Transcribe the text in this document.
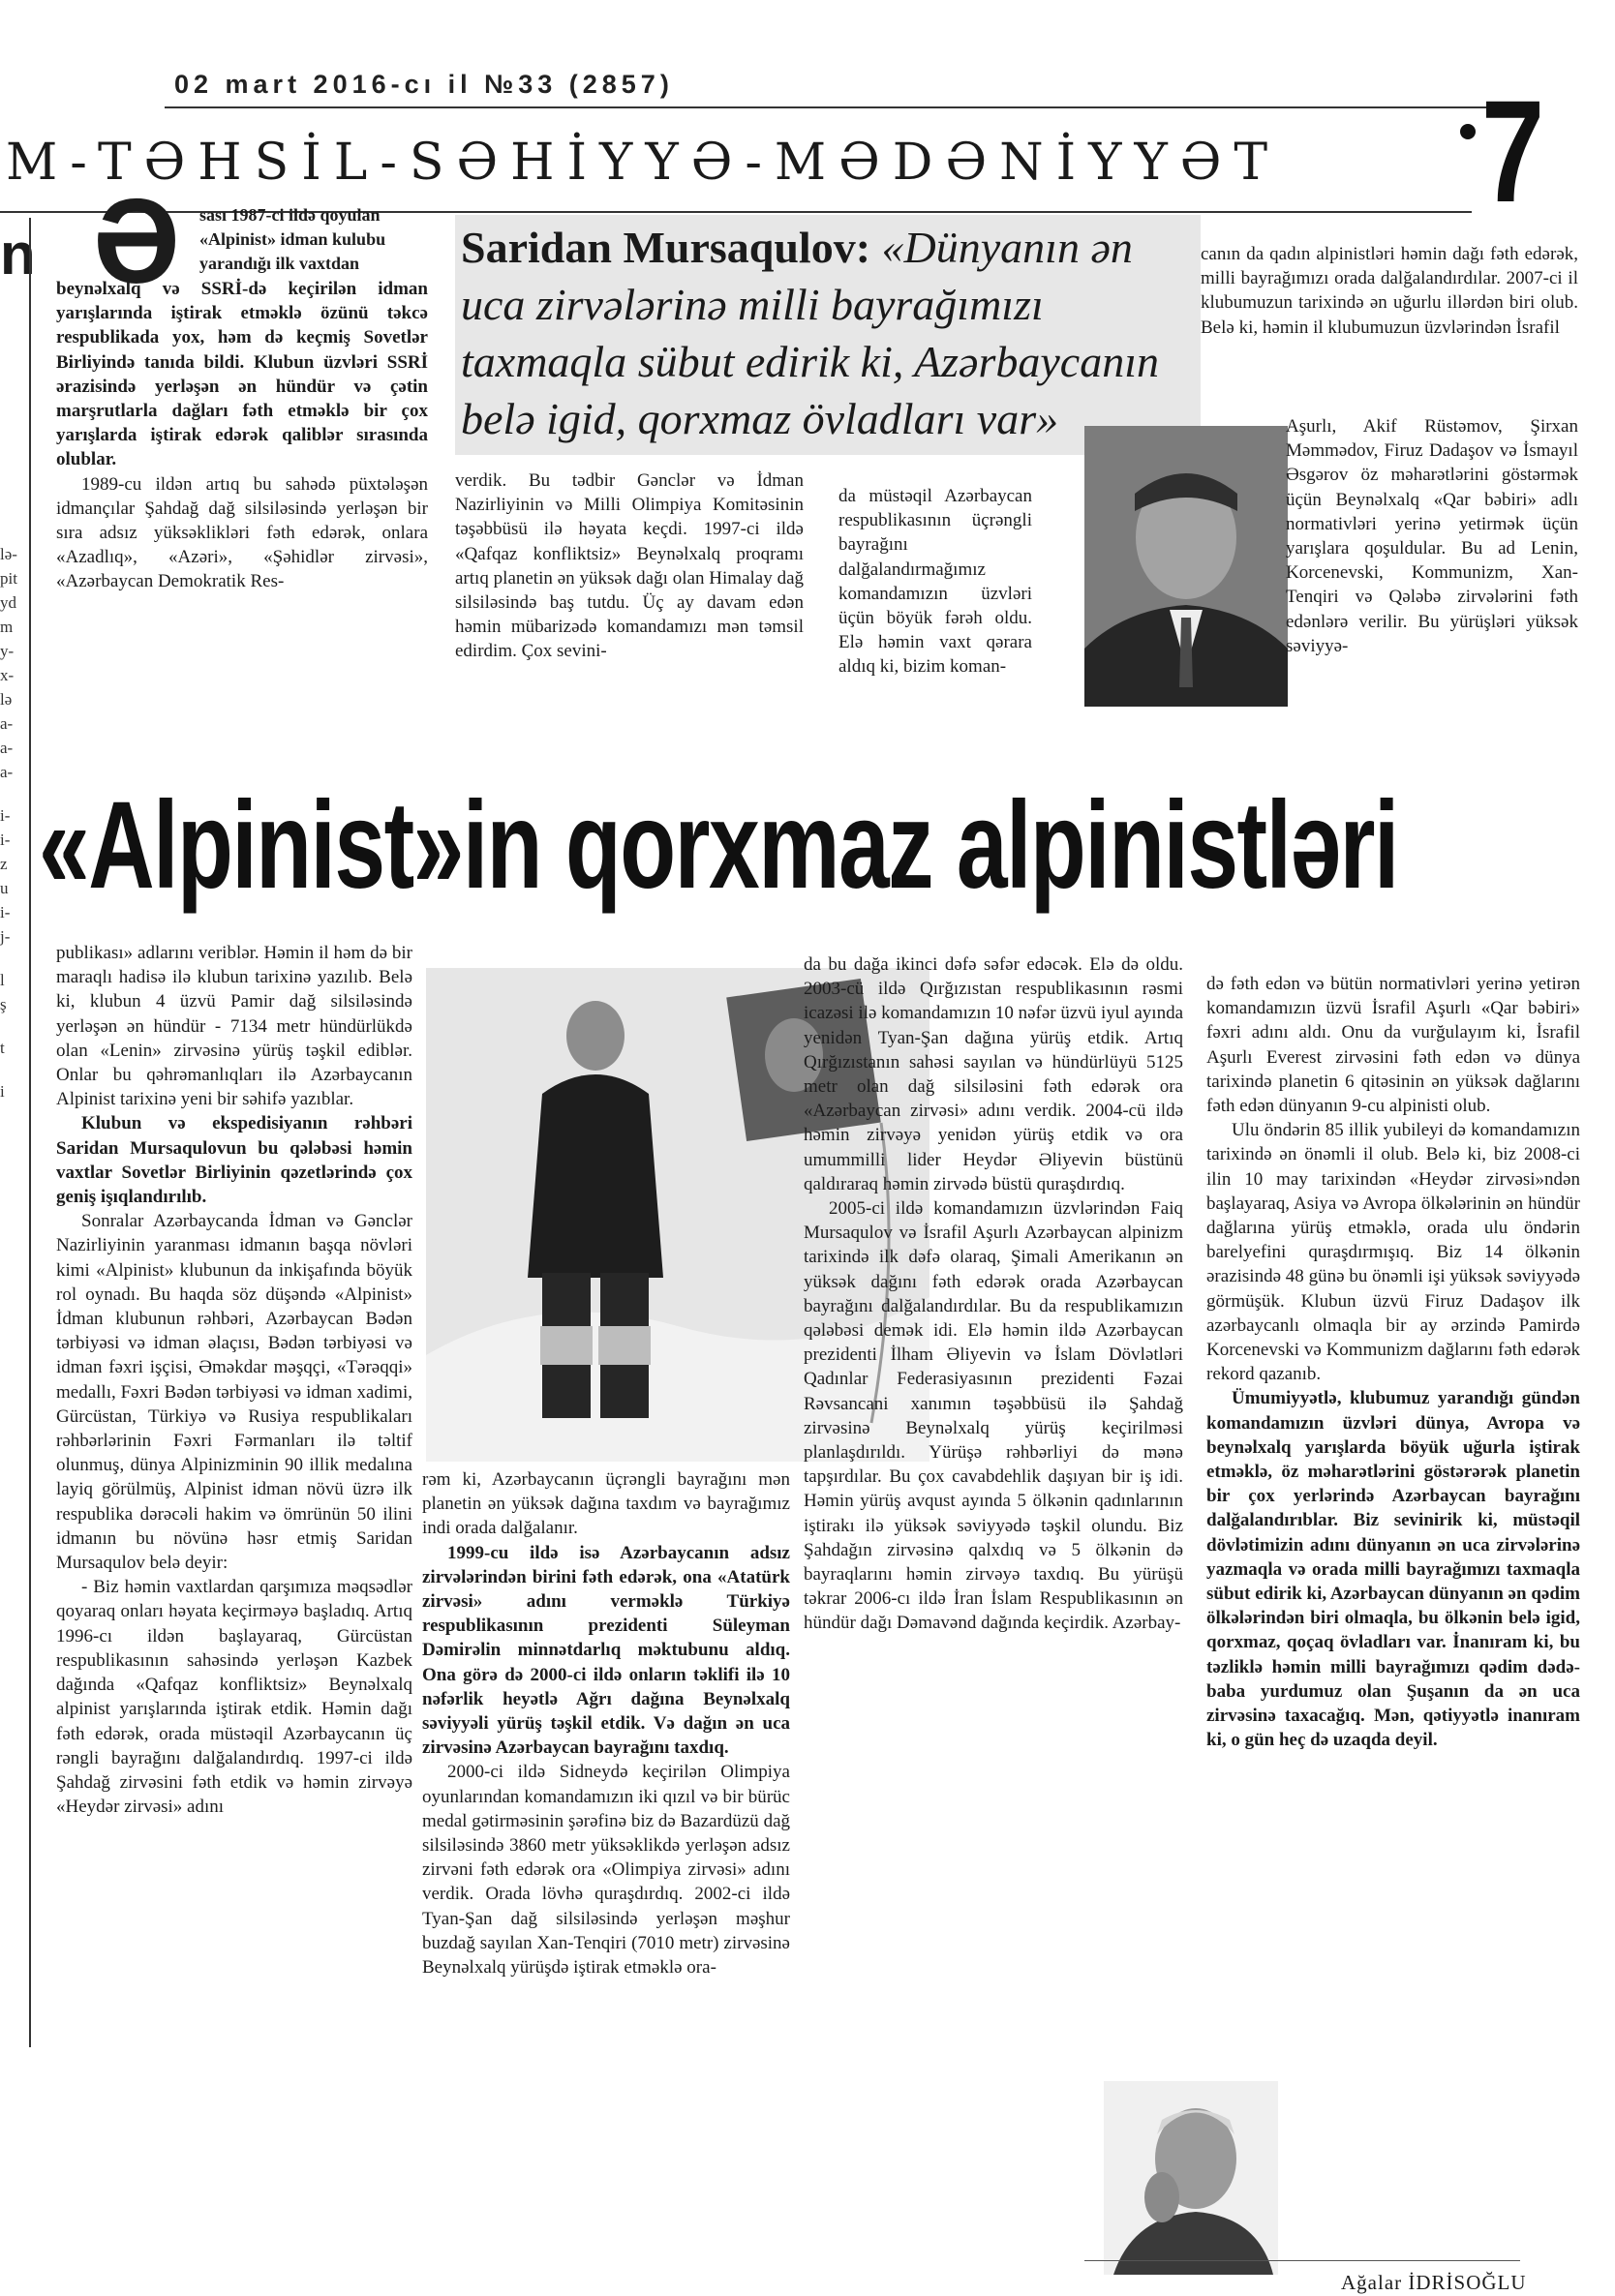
02 mart 2016-cı il №33 (2857)
M-TƏHSİL-SƏHİYYƏ-MƏDƏNİYYƏT 7
n
lə-
pit
yd
m
y-
x-
lə
a-
a-
a-
i-
i-
z
u
i-
j-
l
ş
t
i
Ə sası 1987-ci ildə qoyulan

«Alpinist» idman kulubu

yarandığı ilk vaxtdan

beynəlxalq və SSRİ-də keçirilən idman yarışlarında iştirak etməklə özünü təkcə respublikada yox, həm də keçmiş Sovetlər Birliyində tanıda bildi. Klubun üzvləri SSRİ ərazisində yerləşən ən hündür və çətin marşrutlarla dağları fəth etməklə bir çox yarışlarda iştirak edərək qaliblər sırasında olublar.

1989-cu ildən artıq bu sahədə püxtələşən idmançılar Şahdağ dağ silsiləsində yerləşən bir sıra adsız yüksəklikləri fəth edərək, onlara «Azadlıq», «Azəri», «Şəhidlər zirvəsi», «Azərbaycan Demokratik Res-

Saridan Mursaqulov: «Dünyanın ən uca zirvələrinə milli bayrağımızı taxmaqla sübut edirik ki, Azərbaycanın belə igid, qorxmaz övladları var»

verdik. Bu tədbir Gənclər və İdman Nazirliyinin və Milli Olimpiya Komitəsinin təşəbbüsü ilə həyata keçdi. 1997-ci ildə «Qafqaz konfliktsiz» Beynəlxalq proqramı artıq planetin ən yüksək dağı olan Himalay dağ silsiləsində baş tutdu. Üç ay davam edən həmin mübarizədə komandamızı mən təmsil edirdim. Çox sevini-

da müstəqil Azərbaycan respublikasının üçrəngli bayrağını dalğalandırmağımız komandamızın üzvləri üçün böyük fərəh oldu. Elə həmin vaxt qərara aldıq ki, bizim koman-

canın da qadın alpinistləri həmin dağı fəth edərək, milli bayrağımızı orada dalğalandırdılar. 2007-ci il klubumuzun tarixində ən uğurlu illərdən biri olub. Belə ki, həmin il klubumuzun üzvlərindən İsrafil

Aşurlı, Akif Rüstəmov, Şirxan Məmmədov, Firuz Dadaşov və İsmayıl Əsgərov öz məharətlərini göstərmək üçün Beynəlxalq «Qar bəbiri» adlı normativləri yerinə yetirmək üçün yarışlara qoşuldular. Bu ad Lenin, Korcenevski, Kommunizm, Xan-Tenqiri və Qələbə zirvələrini fəth edənlərə verilir. Bu yürüşləri yüksək səviyyə-

«Alpinist»in qorxmaz alpinistləri

publikası» adlarını veriblər. Həmin il həm də bir maraqlı hadisə ilə klubun tarixinə yazılıb. Belə ki, klubun 4 üzvü Pamir dağ silsiləsində yerləşən ən hündür - 7134 metr hündürlükdə olan «Lenin» zirvəsinə yürüş təşkil ediblər. Onlar bu qəhrəmanlıqları ilə Azərbaycanın Alpinist tarixinə yeni bir səhifə yazıblar.

Klubun və ekspedisiyanın rəhbəri Saridan Mursaqulovun bu qələbəsi həmin vaxtlar Sovetlər Birliyinin qəzetlərində çox geniş işıqlandırılıb.

Sonralar Azərbaycanda İdman və Gənclər Nazirliyinin yaranması idmanın başqa növləri kimi «Alpinist» klubunun da inkişafında böyük rol oynadı. Bu haqda söz düşəndə «Alpinist» İdman klubunun rəhbəri, Azərbaycan Bədən tərbiyəsi və idman əlaçısı, Bədən tərbiyəsi və idman fəxri işçisi, Əməkdar məşqçi, «Tərəqqi» medallı, Fəxri Bədən tərbiyəsi və idman xadimi, Gürcüstan, Türkiyə və Rusiya respublikaları rəhbərlərinin Fəxri Fərmanları ilə təltif olunmuş, dünya Alpinizminin 90 illik medalına layiq görülmüş, Alpinist idman növü üzrə ilk respublika dərəcəli hakim və ömrünün 50 ilini idmanın bu növünə həsr etmiş Saridan Mursaqulov belə deyir:

- Biz həmin vaxtlardan qarşımıza məqsədlər qoyaraq onları həyata keçirməyə başladıq. Artıq 1996-cı ildən başlayaraq, Gürcüstan respublikasının sahəsində yerləşən Kazbek dağında «Qafqaz konfliktsiz» Beynəlxalq alpinist yarışlarında iştirak etdik. Həmin dağı fəth edərək, orada müstəqil Azərbaycanın üç rəngli bayrağını dalğalandırdıq. 1997-ci ildə Şahdağ zirvəsini fəth etdik və həmin zirvəyə «Heydər zirvəsi» adını

rəm ki, Azərbaycanın üçrəngli bayrağını mən planetin ən yüksək dağına taxdım və bayrağımız indi orada dalğalanır.

1999-cu ildə isə Azərbaycanın adsız zirvələrindən birini fəth edərək, ona «Atatürk zirvəsi» adını verməklə Türkiyə respublikasının prezidenti Süleyman Dəmirəlin minnətdarlıq məktubunu aldıq. Ona görə də 2000-ci ildə onların təklifi ilə 10 nəfərlik heyətlə Ağrı dağına Beynəlxalq səviyyəli yürüş təşkil etdik. Və dağın ən uca zirvəsinə Azərbaycan bayrağını taxdıq.

2000-ci ildə Sidneydə keçirilən Olimpiya oyunlarından komandamızın iki qızıl və bir bürüc medal gətirməsinin şərəfinə biz də Bazardüzü dağ silsiləsində 3860 metr yüksəklikdə yerləşən adsız zirvəni fəth edərək ora «Olimpiya zirvəsi» adını verdik. Orada lövhə quraşdırdıq. 2002-ci ildə Tyan-Şan dağ silsiləsində yerləşən məşhur buzdağ sayılan Xan-Tenqiri (7010 metr) zirvəsinə Beynəlxalq yürüşdə iştirak etməklə ora-

da bu dağa ikinci dəfə səfər edəcək. Elə də oldu. 2003-cü ildə Qırğızıstan respublikasının rəsmi icazəsi ilə komandamızın 10 nəfər üzvü iyul ayında yenidən Tyan-Şan dağına yürüş etdik. Artıq Qırğızıstanın sahəsi sayılan və hündürlüyü 5125 metr olan dağ silsiləsini fəth edərək ora «Azərbaycan zirvəsi» adını verdik. 2004-cü ildə həmin zirvəyə yenidən yürüş etdik və ora umummilli lider Heydər Əliyevin büstünü qaldıraraq həmin zirvədə büstü quraşdırdıq.

2005-ci ildə komandamızın üzvlərindən Faiq Mursaqulov və İsrafil Aşurlı Azərbaycan alpinizm tarixində ilk dəfə olaraq, Şimali Amerikanın ən yüksək dağını fəth edərək orada Azərbaycan bayrağını dalğalandırdılar. Bu da respublikamızın qələbəsi demək idi. Elə həmin ildə Azərbaycan prezidenti İlham Əliyevin və İslam Dövlətləri Qadınlar Federasiyasının prezidenti Fəzai Rəvsancani xanımın təşəbbüsü ilə Şahdağ zirvəsinə Beynəlxalq yürüş keçirilməsi planlaşdırıldı. Yürüşə rəhbərliyi də mənə tapşırdılar. Bu çox cavabdehlik daşıyan bir iş idi. Həmin yürüş avqust ayında 5 ölkənin qadınlarının iştirakı ilə yüksək səviyyədə təşkil olundu. Biz Şahdağın zirvəsinə qalxdıq və 5 ölkənin də bayraqlarını həmin zirvəyə taxdıq. Bu yürüşü təkrar 2006-cı ildə İran İslam Respublikasının ən hündür dağı Dəmavənd dağında keçirdik. Azərbay-

də fəth edən və bütün normativləri yerinə yetirən komandamızın üzvü İsrafil Aşurlı «Qar bəbiri» fəxri adını aldı. Onu da vurğulayım ki, İsrafil Aşurlı Everest zirvəsini fəth edən və dünya tarixində planetin 6 qitəsinin ən yüksək dağlarını fəth edən dünyanın 9-cu alpinisti olub.

Ulu öndərin 85 illik yubileyi də komandamızın tarixində ən önəmli il olub. Belə ki, biz 2008-ci ilin 10 may tarixindən «Heydər zirvəsi»ndən başlayaraq, Asiya və Avropa ölkələrinin ən hündür dağlarına yürüş etməklə, orada ulu öndərin barelyefini quraşdırmışıq. Biz 14 ölkənin ərazisində 48 günə bu önəmli işi yüksək səviyyədə görmüşük. Klubun üzvü Firuz Dadaşov ilk azərbaycanlı olmaqla bir ay ərzində Pamirdə Korcenevski və Kommunizm dağlarını fəth edərək rekord qazanıb.

Ümumiyyətlə, klubumuz yarandığı gündən komandamızın üzvləri dünya, Avropa və beynəlxalq yarışlarda böyük uğurla iştirak etməklə, öz məharətlərini göstərərək planetin bir çox yerlərində Azərbaycan bayrağını dalğalandırıblar. Biz sevinirik ki, müstəqil dövlətimizin adını dünyanın ən uca zirvələrinə yazmaqla və orada milli bayrağımızı taxmaqla sübut edirik ki, Azərbaycan dünyanın ən qədim ölkələrindən biri olmaqla, bu ölkənin belə igid, qorxmaz, qoçaq övladları var. İnanıram ki, bu təzliklə həmin milli bayrağımızı qədim dədə-baba yurdumuz olan Şuşanın da ən uca zirvəsinə taxacağıq. Mən, qətiyyətlə inanıram ki, o gün heç də uzaqda deyil.

Ağalar İDRİSOĞLU
